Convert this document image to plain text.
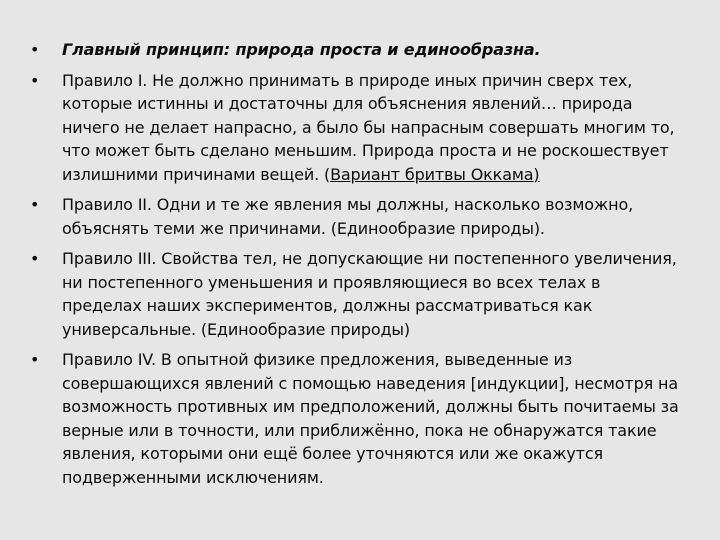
•	Главный принцип: природа проста и единообразна.
•	Правило I. Не должно принимать в природе иных причин сверх тех, которые истинны и достаточны для объяснения явлений… природа ничего не делает напрасно, а было бы напрасным совершать многим то, что может быть сделано меньшим. Природа проста и не роскошествует излишними причинами вещей. (Вариант бритвы Оккама)
•	Правило II. Одни и те же явления мы должны, насколько возможно, объяснять теми же причинами. (Единообразие природы).
•	Правило III. Свойства тел, не допускающие ни постепенного увеличения, ни постепенного уменьшения и проявляющиеся во всех телах в пределах наших экспериментов, должны рассматриваться как универсальные. (Единообразие природы)
•	Правило IV. В опытной физике предложения, выведенные из совершающихся явлений с помощью наведения [индукции], несмотря на возможность противных им предположений, должны быть почитаемы за верные или в точности, или приближённо, пока не обнаружатся такие явления, которыми они ещё более уточняются или же окажутся подверженными исключениям.
